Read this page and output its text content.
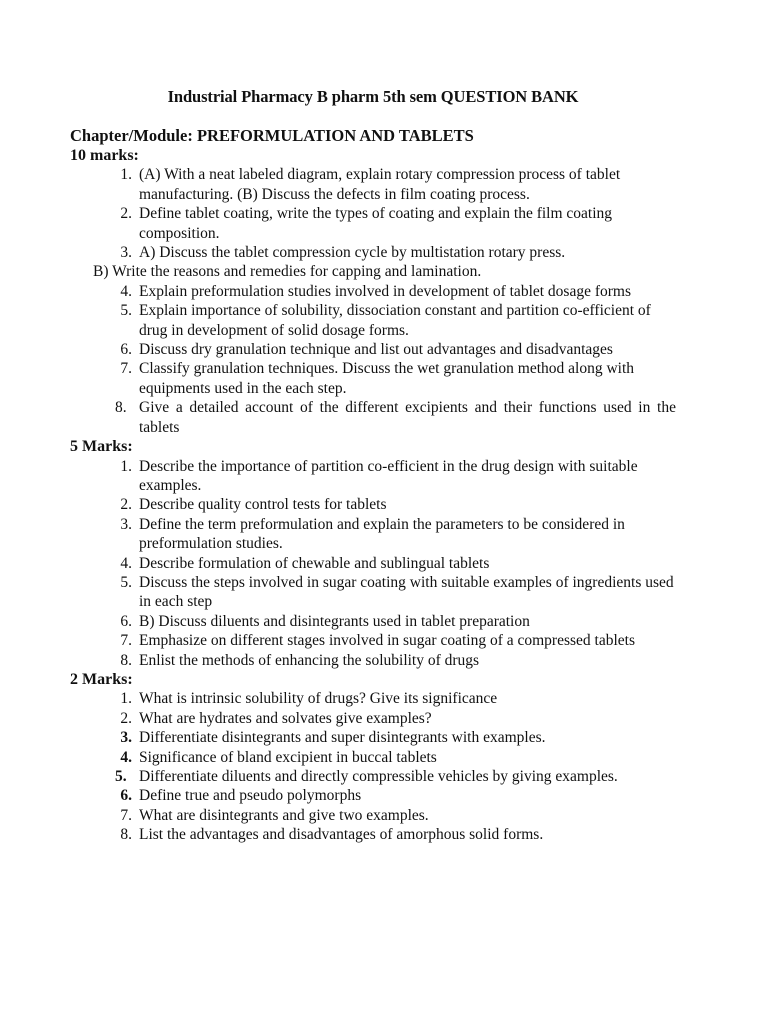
Industrial Pharmacy B pharm 5th sem QUESTION BANK
Chapter/Module: PREFORMULATION AND TABLETS
10 marks:
1. (A) With a neat labeled diagram, explain rotary compression process of tablet manufacturing. (B) Discuss the defects in film coating process.
2. Define tablet coating, write the types of coating and explain the film coating composition.
3. A) Discuss the tablet compression cycle by multistation rotary press.
B) Write the reasons and remedies for capping and lamination.
4. Explain preformulation studies involved in development of tablet dosage forms
5. Explain importance of solubility, dissociation constant and partition co-efficient of drug in development of solid dosage forms.
6. Discuss dry granulation technique and list out advantages and disadvantages
7. Classify granulation techniques. Discuss the wet granulation method along with equipments used in the each step.
8. Give a detailed account of the different excipients and their functions used in the tablets
5 Marks:
1. Describe the importance of partition co-efficient in the drug design with suitable examples.
2. Describe quality control tests for tablets
3. Define the term preformulation and explain the parameters to be considered in preformulation studies.
4. Describe formulation of chewable and sublingual tablets
5. Discuss the steps involved in sugar coating with suitable examples of ingredients used in each step
6. B) Discuss diluents and disintegrants used in tablet preparation
7. Emphasize on different stages involved in sugar coating of a compressed tablets
8. Enlist the methods of enhancing the solubility of drugs
2 Marks:
1. What is intrinsic solubility of drugs? Give its significance
2. What are hydrates and solvates give examples?
3. Differentiate disintegrants and super disintegrants with examples.
4. Significance of bland excipient in buccal tablets
5. Differentiate diluents and directly compressible vehicles by giving examples.
6. Define true and pseudo polymorphs
7. What are disintegrants and give two examples.
8. List the advantages and disadvantages of amorphous solid forms.
